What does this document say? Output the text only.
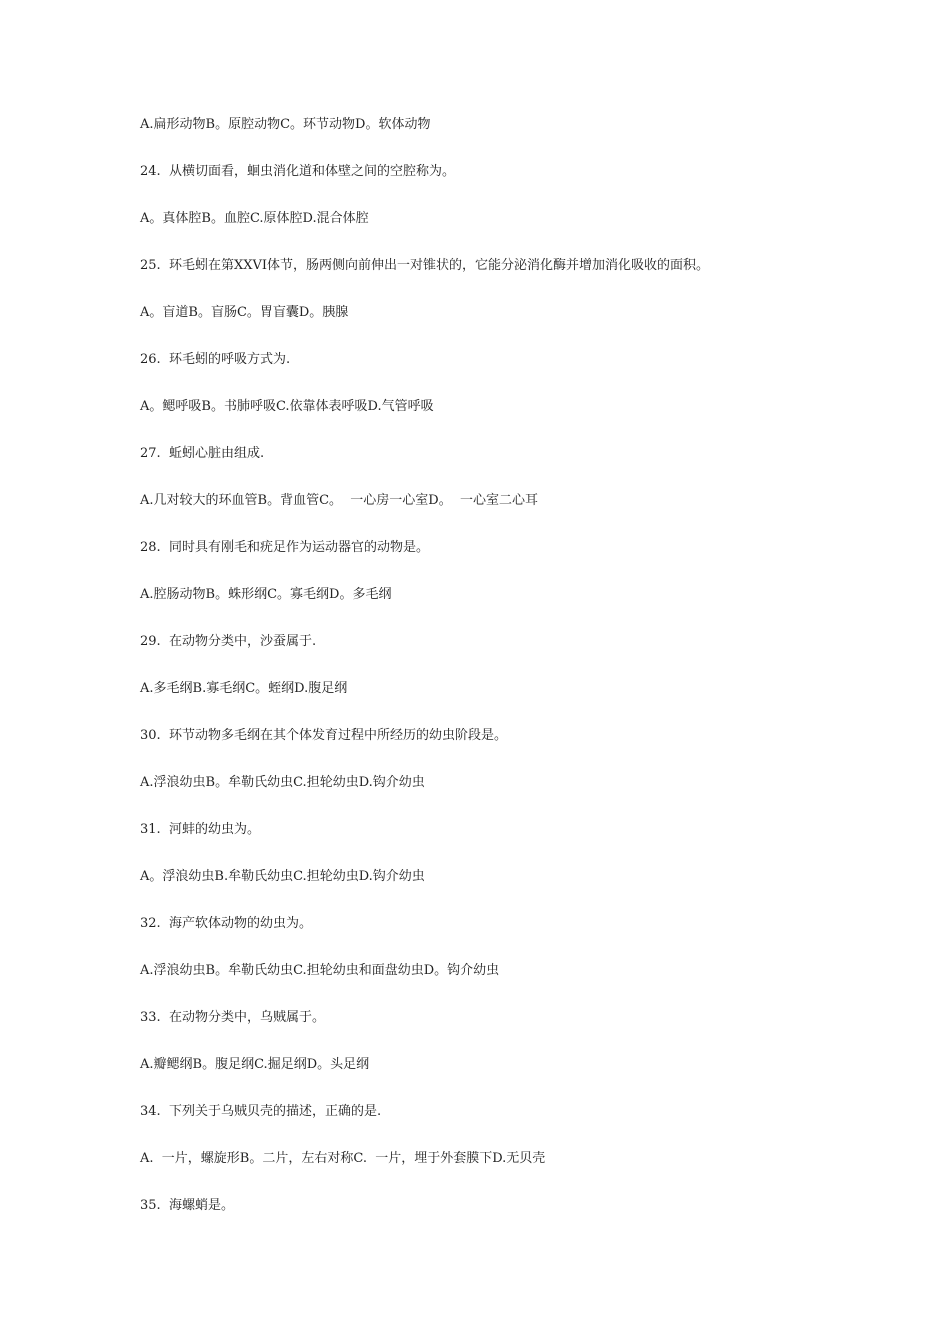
A.扁形动物B。原腔动物C。环节动物D。软体动物

24.  从横切面看，蛔虫消化道和体壁之间的空腔称为。

A。真体腔B。血腔C.原体腔D.混合体腔

25.  环毛蚓在第XXVI体节，肠两侧向前伸出一对锥状的，它能分泌消化酶并增加消化吸收的面积。

A。盲道B。盲肠C。胃盲囊D。胰腺

26.  环毛蚓的呼吸方式为.

A。鳃呼吸B。书肺呼吸C.依靠体表呼吸D.气管呼吸

27.  蚯蚓心脏由组成.

A.几对较大的环血管B。背血管C。  一心房一心室D。  一心室二心耳

28.  同时具有刚毛和疣足作为运动器官的动物是。

A.腔肠动物B。蛛形纲C。寡毛纲D。多毛纲

29.  在动物分类中，沙蚕属于.

A.多毛纲B.寡毛纲C。蛭纲D.腹足纲

30.  环节动物多毛纲在其个体发育过程中所经历的幼虫阶段是。

A.浮浪幼虫B。牟勒氏幼虫C.担轮幼虫D.钩介幼虫

31.  河蚌的幼虫为。

A。浮浪幼虫B.牟勒氏幼虫C.担轮幼虫D.钩介幼虫

32.  海产软体动物的幼虫为。

A.浮浪幼虫B。牟勒氏幼虫C.担轮幼虫和面盘幼虫D。钩介幼虫

33.  在动物分类中，乌贼属于。

A.瓣鳃纲B。腹足纲C.掘足纲D。头足纲

34.  下列关于乌贼贝壳的描述，正确的是.

A.  一片，螺旋形B。二片，左右对称C.  一片，埋于外套膜下D.无贝壳

35.  海螺蛸是。
